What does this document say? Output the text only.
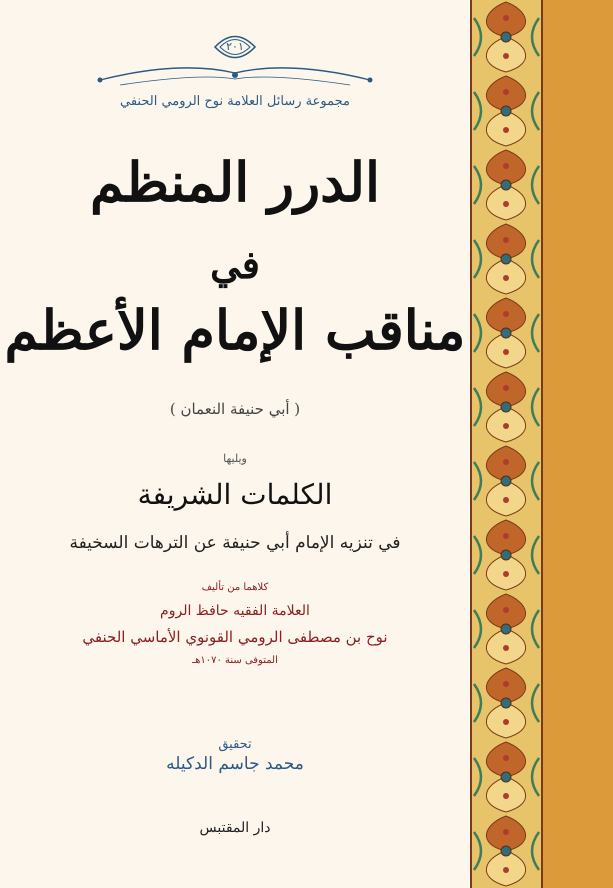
٢٠١
مجموعة رسائل العلامة نوح الرومي الحنفي
الدرر المنظم
في
مناقب الإمام الأعظم
( أبي حنيفة النعمان )
ويليها
الكلمات الشريفة
في تنزيه الإمام أبي حنيفة عن الترهات السخيفة
كلاهما من تأليف
العلامة الفقيه حافظ الروم
نوح بن مصطفى الرومي القونوي الأماسي الحنفي
المتوفى سنة ١٠٧٠هـ
تحقيق
محمد جاسم الدكيله
دار المقتبس
